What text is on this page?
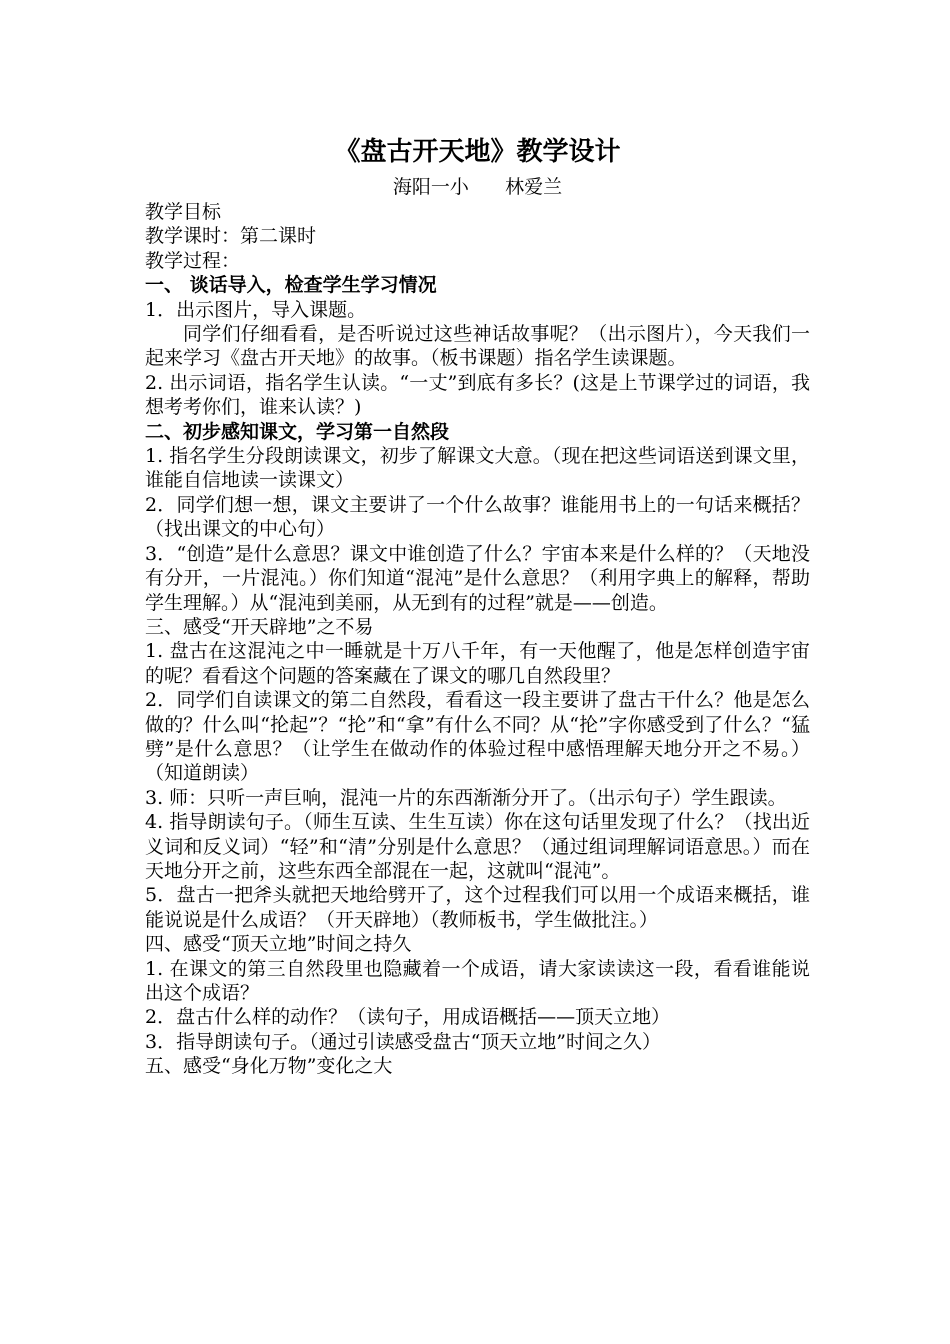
《盘古开天地》教学设计
海阳一小      林爱兰

教学目标

教学课时：第二课时

教学过程：

一、 谈话导入，检查学生学习情况

1．出示图片，导入课题。

同学们仔细看看，是否听说过这些神话故事呢？（出示图片），今天我们一起来学习《盘古开天地》的故事。（板书课题）指名学生读课题。

2. 出示词语，指名学生认读。“一丈”到底有多长？(这是上节课学过的词语，我想考考你们，谁来认读？)

二、初步感知课文，学习第一自然段

1. 指名学生分段朗读课文，初步了解课文大意。（现在把这些词语送到课文里，谁能自信地读一读课文）

2．同学们想一想，课文主要讲了一个什么故事？谁能用书上的一句话来概括？（找出课文的中心句）

3．“创造”是什么意思？课文中谁创造了什么？宇宙本来是什么样的？（天地没有分开，一片混沌。）你们知道“混沌”是什么意思？（利用字典上的解释，帮助学生理解。）从“混沌到美丽，从无到有的过程”就是——创造。

三、感受“开天辟地”之不易

1. 盘古在这混沌之中一睡就是十万八千年，有一天他醒了，他是怎样创造宇宙的呢？看看这个问题的答案藏在了课文的哪几自然段里？

2．同学们自读课文的第二自然段，看看这一段主要讲了盘古干什么？他是怎么做的？什么叫“抡起”？“抡”和“拿”有什么不同？从“抡”字你感受到了什么？“猛劈”是什么意思？（让学生在做动作的体验过程中感悟理解天地分开之不易。）（知道朗读）

3. 师：只听一声巨响，混沌一片的东西渐渐分开了。（出示句子）学生跟读。

4. 指导朗读句子。（师生互读、生生互读）你在这句话里发现了什么？（找出近义词和反义词）“轻”和“清”分别是什么意思？（通过组词理解词语意思。）而在天地分开之前，这些东西全部混在一起，这就叫“混沌”。

5．盘古一把斧头就把天地给劈开了，这个过程我们可以用一个成语来概括，谁能说说是什么成语？（开天辟地）（教师板书，学生做批注。）

四、感受“顶天立地”时间之持久

1. 在课文的第三自然段里也隐藏着一个成语，请大家读读这一段，看看谁能说出这个成语？

2．盘古什么样的动作？（读句子，用成语概括——顶天立地）

3．指导朗读句子。（通过引读感受盘古“顶天立地”时间之久）

五、感受“身化万物”变化之大
